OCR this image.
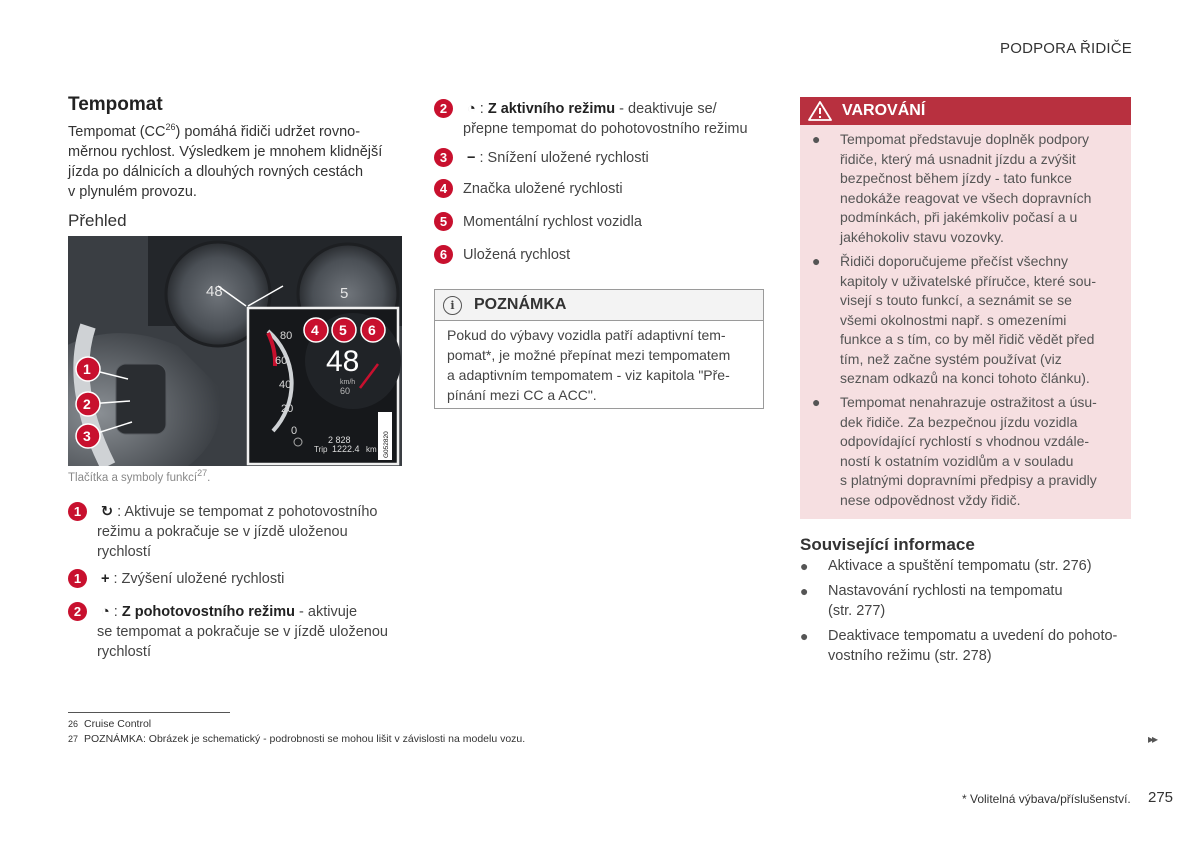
PODPORA ŘIDIČE
Tempomat
Tempomat (CC$^{26}$) pomáhá řidiči udržet rovno-
měrnou rychlost. Výsledkem je mnohem klidnější
jízda po dálnicích a dlouhých rovných cestách
v plynulém provozu.
Přehled
48	5
80
60
40
20
0
48
km/h
60
2 828
Trip 1222.4 km G052820
1
2
3
4 5 6
Tlačítka a symboly funkcí$^{27}$.
1	↻ : Aktivuje se tempomat z pohotovostního
režimu a pokračuje se v jízdě uloženou
rychlostí
1	+ : Zvýšení uložené rychlosti
2	◔ : Z pohotovostního režimu - aktivuje
se tempomat a pokračuje se v jízdě uloženou
rychlostí
26 Cruise Control
27 POZNÁMKA: Obrázek je schematický - podrobnosti se mohou lišit v závislosti na modelu vozu.
2	◔ : Z aktivního režimu - deaktivuje se/
přepne tempomat do pohotovostního režimu
3	− : Snížení uložené rychlosti
4	Značka uložené rychlosti
5	Momentální rychlost vozidla
6	Uložená rychlost
i	POZNÁMKA
Pokud do výbavy vozidla patří adaptivní tem-
pomat*, je možné přepínat mezi tempomatem
a adaptivním tempomatem - viz kapitola "Pře-
pínání mezi CC a ACC".
VAROVÁNÍ
● Tempomat představuje doplněk podpory
řidiče, který má usnadnit jízdu a zvýšit
bezpečnost během jízdy - tato funkce
nedokáže reagovat ve všech dopravních
podmínkách, při jakémkoliv počasí a u
jakéhokoliv stavu vozovky.
● Řidiči doporučujeme přečíst všechny
kapitoly v uživatelské příručce, které sou-
visejí s touto funkcí, a seznámit se se
všemi okolnostmi např. s omezeními
funkce a s tím, co by měl řidič vědět před
tím, než začne systém používat (viz
seznam odkazů na konci tohoto článku).
● Tempomat nenahrazuje ostražitost a úsu-
dek řidiče. Za bezpečnou jízdu vozidla
odpovídající rychlostí s vhodnou vzdále-
ností k ostatním vozidlům a v souladu
s platnými dopravními předpisy a pravidly
nese odpovědnost vždy řidič.
Související informace
● Aktivace a spuštění tempomatu (str. 276)
● Nastavování rychlosti na tempomatu
(str. 277)
● Deaktivace tempomatu a uvedení do pohoto-
vostního režimu (str. 278)
▸▸
* Volitelná výbava/příslušenství. 275
